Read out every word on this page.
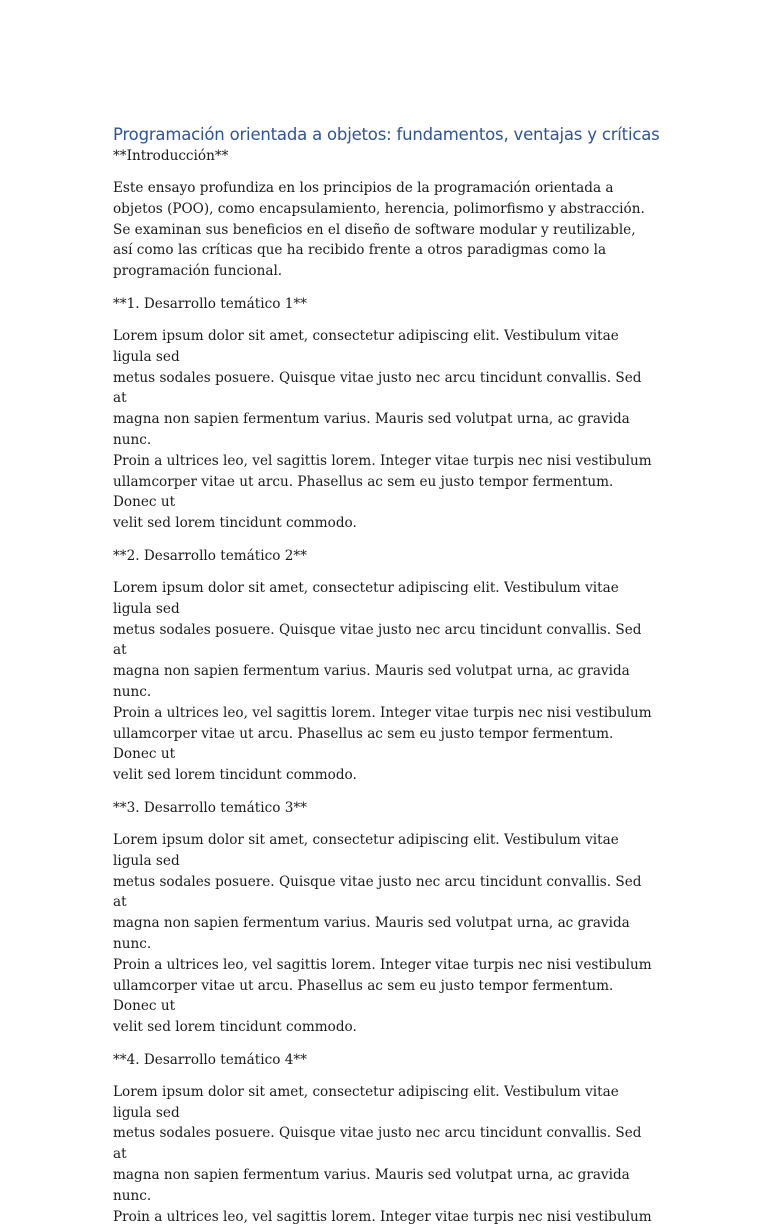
Programación orientada a objetos: fundamentos, ventajas y críticas

**Introducción**

Este ensayo profundiza en los principios de la programación orientada a objetos (POO), como encapsulamiento, herencia, polimorfismo y abstracción. Se examinan sus beneficios en el diseño de software modular y reutilizable, así como las críticas que ha recibido frente a otros paradigmas como la programación funcional.

**1. Desarrollo temático 1**

Lorem ipsum dolor sit amet, consectetur adipiscing elit. Vestibulum vitae ligula sed
metus sodales posuere. Quisque vitae justo nec arcu tincidunt convallis. Sed at
magna non sapien fermentum varius. Mauris sed volutpat urna, ac gravida nunc.
Proin a ultrices leo, vel sagittis lorem. Integer vitae turpis nec nisi vestibulum
ullamcorper vitae ut arcu. Phasellus ac sem eu justo tempor fermentum. Donec ut
velit sed lorem tincidunt commodo.

**2. Desarrollo temático 2**

Lorem ipsum dolor sit amet, consectetur adipiscing elit. Vestibulum vitae ligula sed
metus sodales posuere. Quisque vitae justo nec arcu tincidunt convallis. Sed at
magna non sapien fermentum varius. Mauris sed volutpat urna, ac gravida nunc.
Proin a ultrices leo, vel sagittis lorem. Integer vitae turpis nec nisi vestibulum
ullamcorper vitae ut arcu. Phasellus ac sem eu justo tempor fermentum. Donec ut
velit sed lorem tincidunt commodo.

**3. Desarrollo temático 3**

Lorem ipsum dolor sit amet, consectetur adipiscing elit. Vestibulum vitae ligula sed
metus sodales posuere. Quisque vitae justo nec arcu tincidunt convallis. Sed at
magna non sapien fermentum varius. Mauris sed volutpat urna, ac gravida nunc.
Proin a ultrices leo, vel sagittis lorem. Integer vitae turpis nec nisi vestibulum
ullamcorper vitae ut arcu. Phasellus ac sem eu justo tempor fermentum. Donec ut
velit sed lorem tincidunt commodo.

**4. Desarrollo temático 4**

Lorem ipsum dolor sit amet, consectetur adipiscing elit. Vestibulum vitae ligula sed
metus sodales posuere. Quisque vitae justo nec arcu tincidunt convallis. Sed at
magna non sapien fermentum varius. Mauris sed volutpat urna, ac gravida nunc.
Proin a ultrices leo, vel sagittis lorem. Integer vitae turpis nec nisi vestibulum
